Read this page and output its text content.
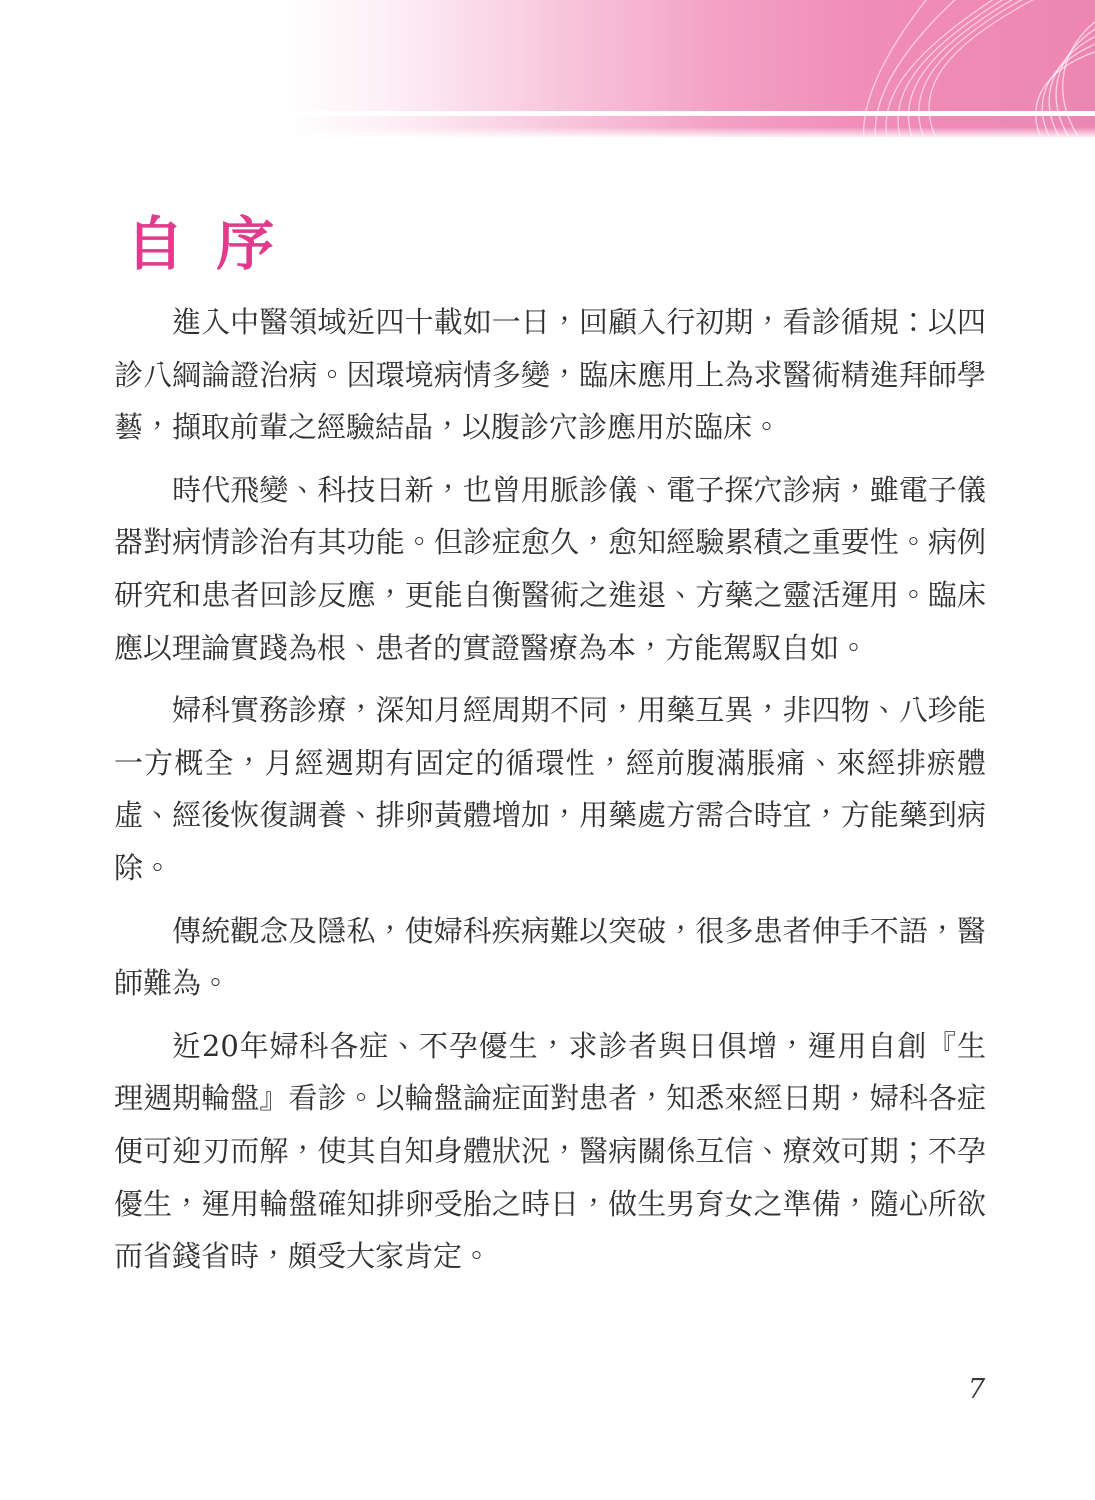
自 序

進入中醫領域近四十載如一日，回顧入行初期，看診循規：以四診八綱論證治病。因環境病情多變，臨床應用上為求醫術精進拜師學藝，擷取前輩之經驗結晶，以腹診穴診應用於臨床。

時代飛變、科技日新，也曾用脈診儀、電子探穴診病，雖電子儀器對病情診治有其功能。但診症愈久，愈知經驗累積之重要性。病例研究和患者回診反應，更能自衡醫術之進退、方藥之靈活運用。臨床應以理論實踐為根、患者的實證醫療為本，方能駕馭自如。

婦科實務診療，深知月經周期不同，用藥互異，非四物、八珍能一方概全，月經週期有固定的循環性，經前腹滿脹痛、來經排瘀體虛、經後恢復調養、排卵黃體增加，用藥處方需合時宜，方能藥到病除。

傳統觀念及隱私，使婦科疾病難以突破，很多患者伸手不語，醫師難為。

近20年婦科各症、不孕優生，求診者與日俱增，運用自創『生理週期輪盤』看診。以輪盤論症面對患者，知悉來經日期，婦科各症便可迎刃而解，使其自知身體狀況，醫病關係互信、療效可期；不孕優生，運用輪盤確知排卵受胎之時日，做生男育女之準備，隨心所欲而省錢省時，頗受大家肯定。

7
